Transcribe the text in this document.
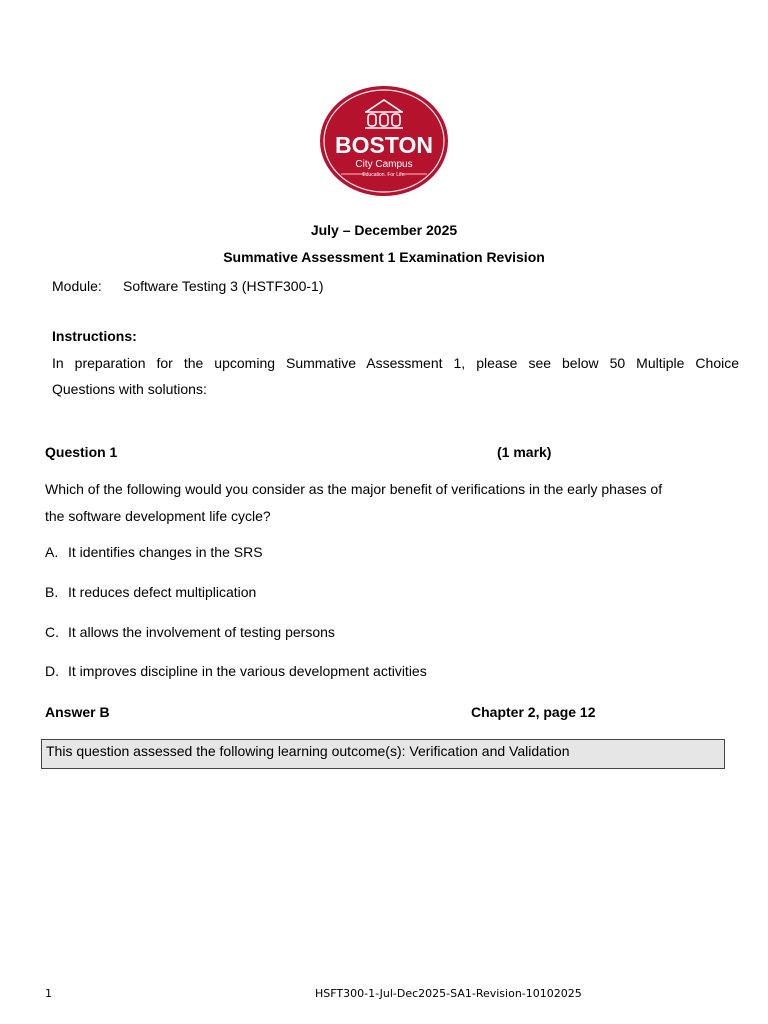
BOSTON
City Campus
Education. For Life.
July – December 2025
Summative Assessment 1 Examination Revision
Module: Software Testing 3 (HSTF300-1)
Instructions:
In preparation for the upcoming Summative Assessment 1, please see below 50 Multiple Choice
Questions with solutions:
Question 1	(1 mark)
Which of the following would you consider as the major benefit of verifications in the early phases of
the software development life cycle?
A. It identifies changes in the SRS
B. It reduces defect multiplication
C. It allows the involvement of testing persons
D. It improves discipline in the various development activities
Answer B	Chapter 2, page 12
This question assessed the following learning outcome(s): Verification and Validation
1	HSFT300-1-Jul-Dec2025-SA1-Revision-10102025
